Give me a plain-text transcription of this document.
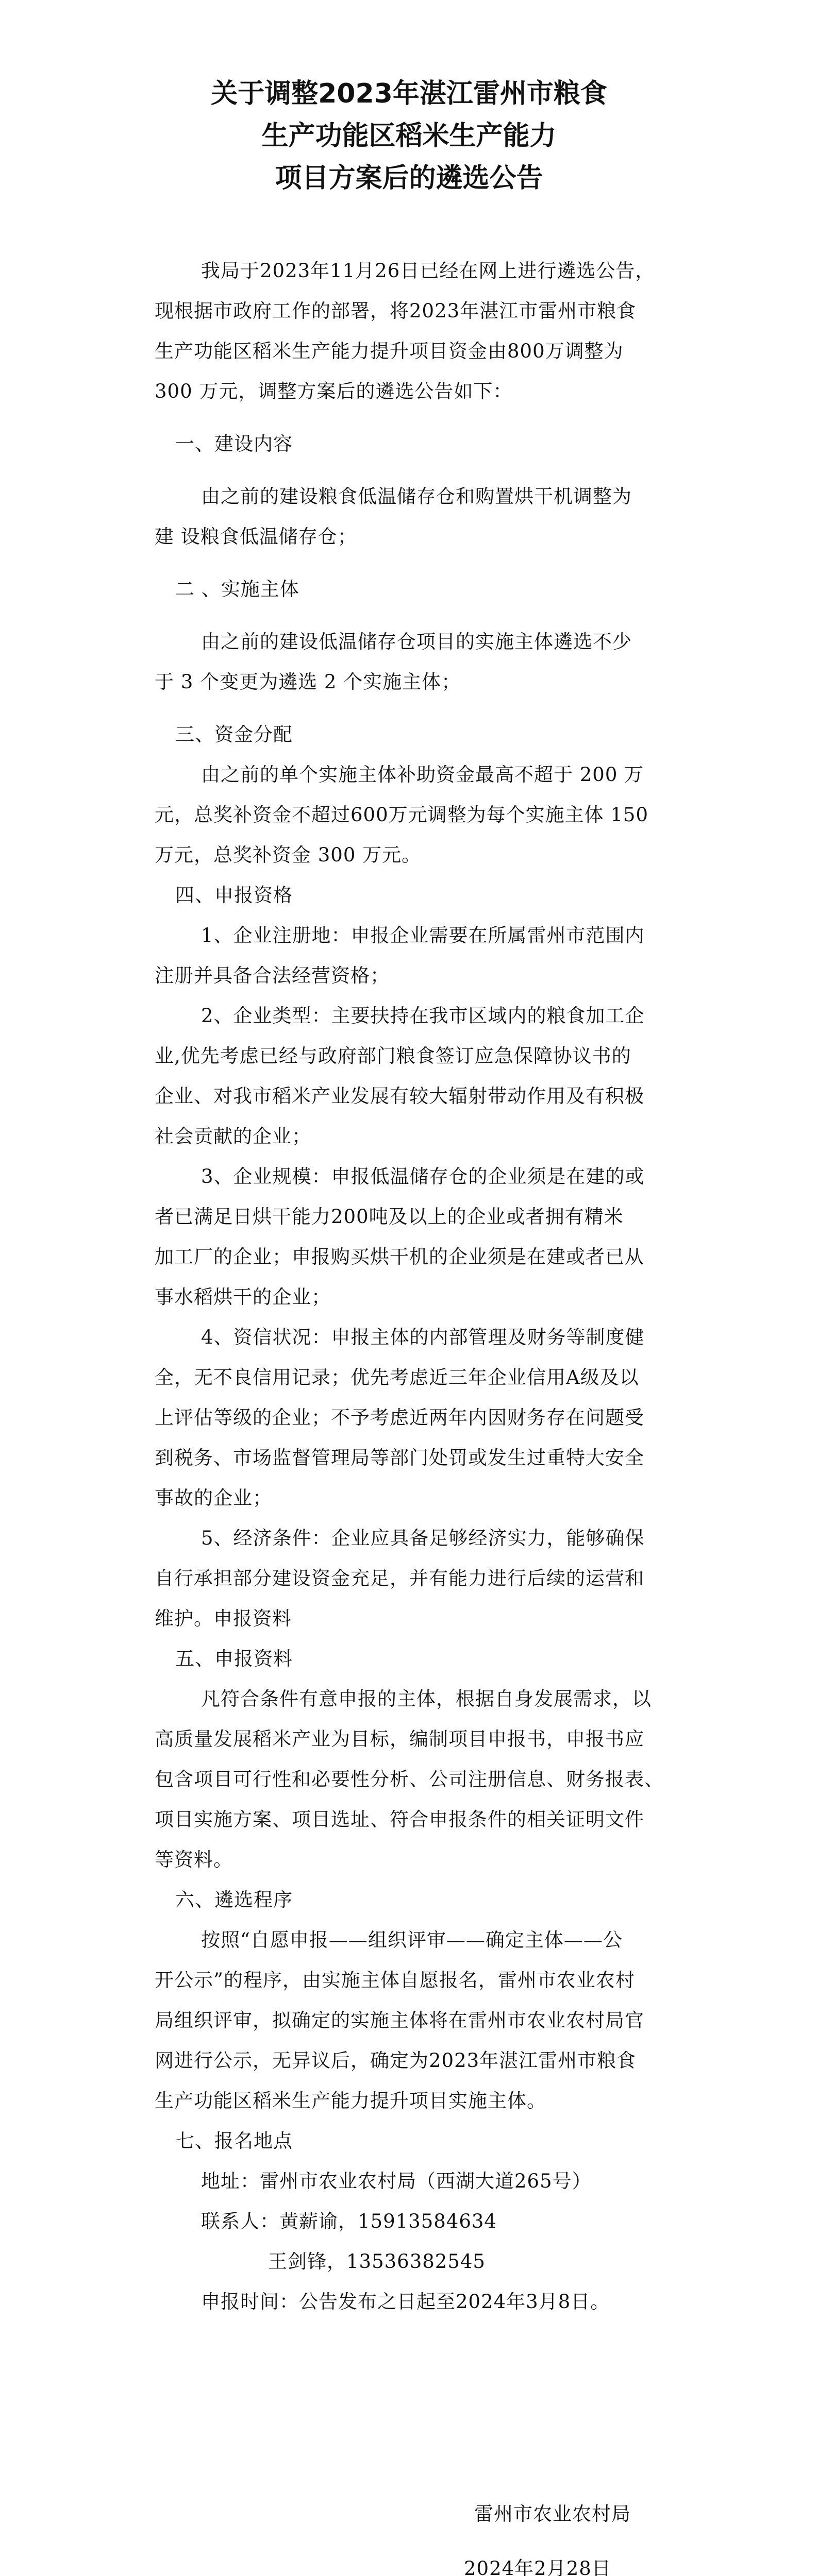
关于调整2023年湛江雷州市粮食
生产功能区稻米生产能力
项目方案后的遴选公告
我局于2023年11月26日已经在网上进行遴选公告，
现根据市政府工作的部署，将2023年湛江市雷州市粮食
生产功能区稻米生产能力提升项目资金由800万调整为
300 万元，调整方案后的遴选公告如下：
一、建设内容
由之前的建设粮食低温储存仓和购置烘干机调整为
建 设粮食低温储存仓；
二 、实施主体
由之前的建设低温储存仓项目的实施主体遴选不少
于 3 个变更为遴选 2 个实施主体；
三、资金分配
由之前的单个实施主体补助资金最高不超于 200 万
元，总奖补资金不超过600万元调整为每个实施主体 150
万元，总奖补资金 300 万元。
四、申报资格
1、企业注册地：申报企业需要在所属雷州市范围内
注册并具备合法经营资格；
2、企业类型：主要扶持在我市区域内的粮食加工企
业,优先考虑已经与政府部门粮食签订应急保障协议书的
企业、对我市稻米产业发展有较大辐射带动作用及有积极
社会贡献的企业；
3、企业规模：申报低温储存仓的企业须是在建的或
者已满足日烘干能力200吨及以上的企业或者拥有精米
加工厂的企业；申报购买烘干机的企业须是在建或者已从
事水稻烘干的企业；
4、资信状况：申报主体的内部管理及财务等制度健
全，无不良信用记录；优先考虑近三年企业信用A级及以
上评估等级的企业；不予考虑近两年内因财务存在问题受
到税务、市场监督管理局等部门处罚或发生过重特大安全
事故的企业；
5、经济条件：企业应具备足够经济实力，能够确保
自行承担部分建设资金充足，并有能力进行后续的运营和
维护。申报资料
五、申报资料
凡符合条件有意申报的主体，根据自身发展需求，以
高质量发展稻米产业为目标，编制项目申报书，申报书应
包含项目可行性和必要性分析、公司注册信息、财务报表、
项目实施方案、项目选址、符合申报条件的相关证明文件
等资料。
六、遴选程序
按照“自愿申报——组织评审——确定主体——公
开公示”的程序，由实施主体自愿报名，雷州市农业农村
局组织评审，拟确定的实施主体将在雷州市农业农村局官
网进行公示，无异议后，确定为2023年湛江雷州市粮食
生产功能区稻米生产能力提升项目实施主体。
七、报名地点
地址：雷州市农业农村局（西湖大道265号）
联系人：黄薪谕，15913584634
王剑锋，13536382545
申报时间：公告发布之日起至2024年3月8日。
雷州市农业农村局
2024年2月28日
